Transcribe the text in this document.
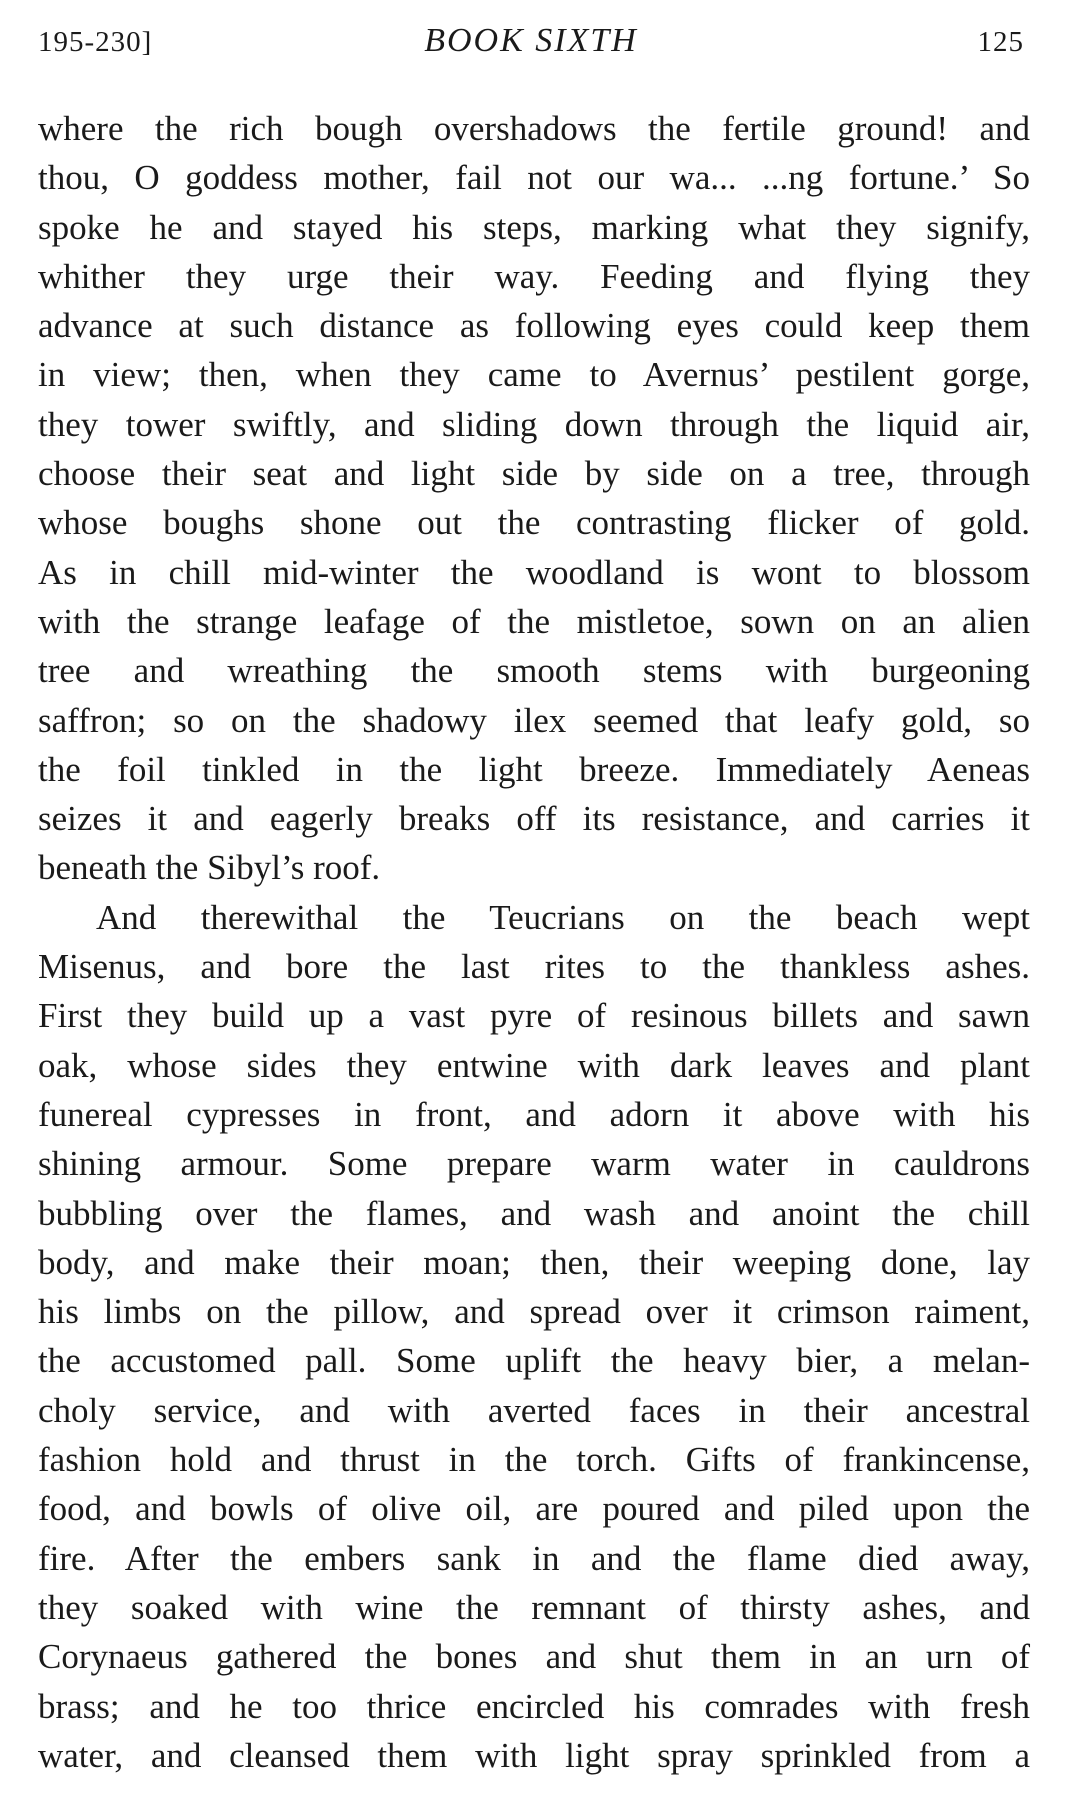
195-230]	BOOK SIXTH	125
where the rich bough overshadows the fertile ground! and
thou, O goddess mother, fail not our wa... ...ng fortune.’ So
spoke he and stayed his steps, marking what they signify,
whither they urge their way. Feeding and flying they
advance at such distance as following eyes could keep them
in view; then, when they came to Avernus’ pestilent gorge,
they tower swiftly, and sliding down through the liquid air,
choose their seat and light side by side on a tree, through
whose boughs shone out the contrasting flicker of gold.
As in chill mid-winter the woodland is wont to blossom
with the strange leafage of the mistletoe, sown on an alien
tree and wreathing the smooth stems with burgeoning
saffron; so on the shadowy ilex seemed that leafy gold, so
the foil tinkled in the light breeze. Immediately Aeneas
seizes it and eagerly breaks off its resistance, and carries it
beneath the Sibyl’s roof.
And therewithal the Teucrians on the beach wept
Misenus, and bore the last rites to the thankless ashes.
First they build up a vast pyre of resinous billets and sawn
oak, whose sides they entwine with dark leaves and plant
funereal cypresses in front, and adorn it above with his
shining armour. Some prepare warm water in cauldrons
bubbling over the flames, and wash and anoint the chill
body, and make their moan; then, their weeping done, lay
his limbs on the pillow, and spread over it crimson raiment,
the accustomed pall. Some uplift the heavy bier, a melan-
choly service, and with averted faces in their ancestral
fashion hold and thrust in the torch. Gifts of frankincense,
food, and bowls of olive oil, are poured and piled upon the
fire. After the embers sank in and the flame died away,
they soaked with wine the remnant of thirsty ashes, and
Corynaeus gathered the bones and shut them in an urn of
brass; and he too thrice encircled his comrades with fresh
water, and cleansed them with light spray sprinkled from a
